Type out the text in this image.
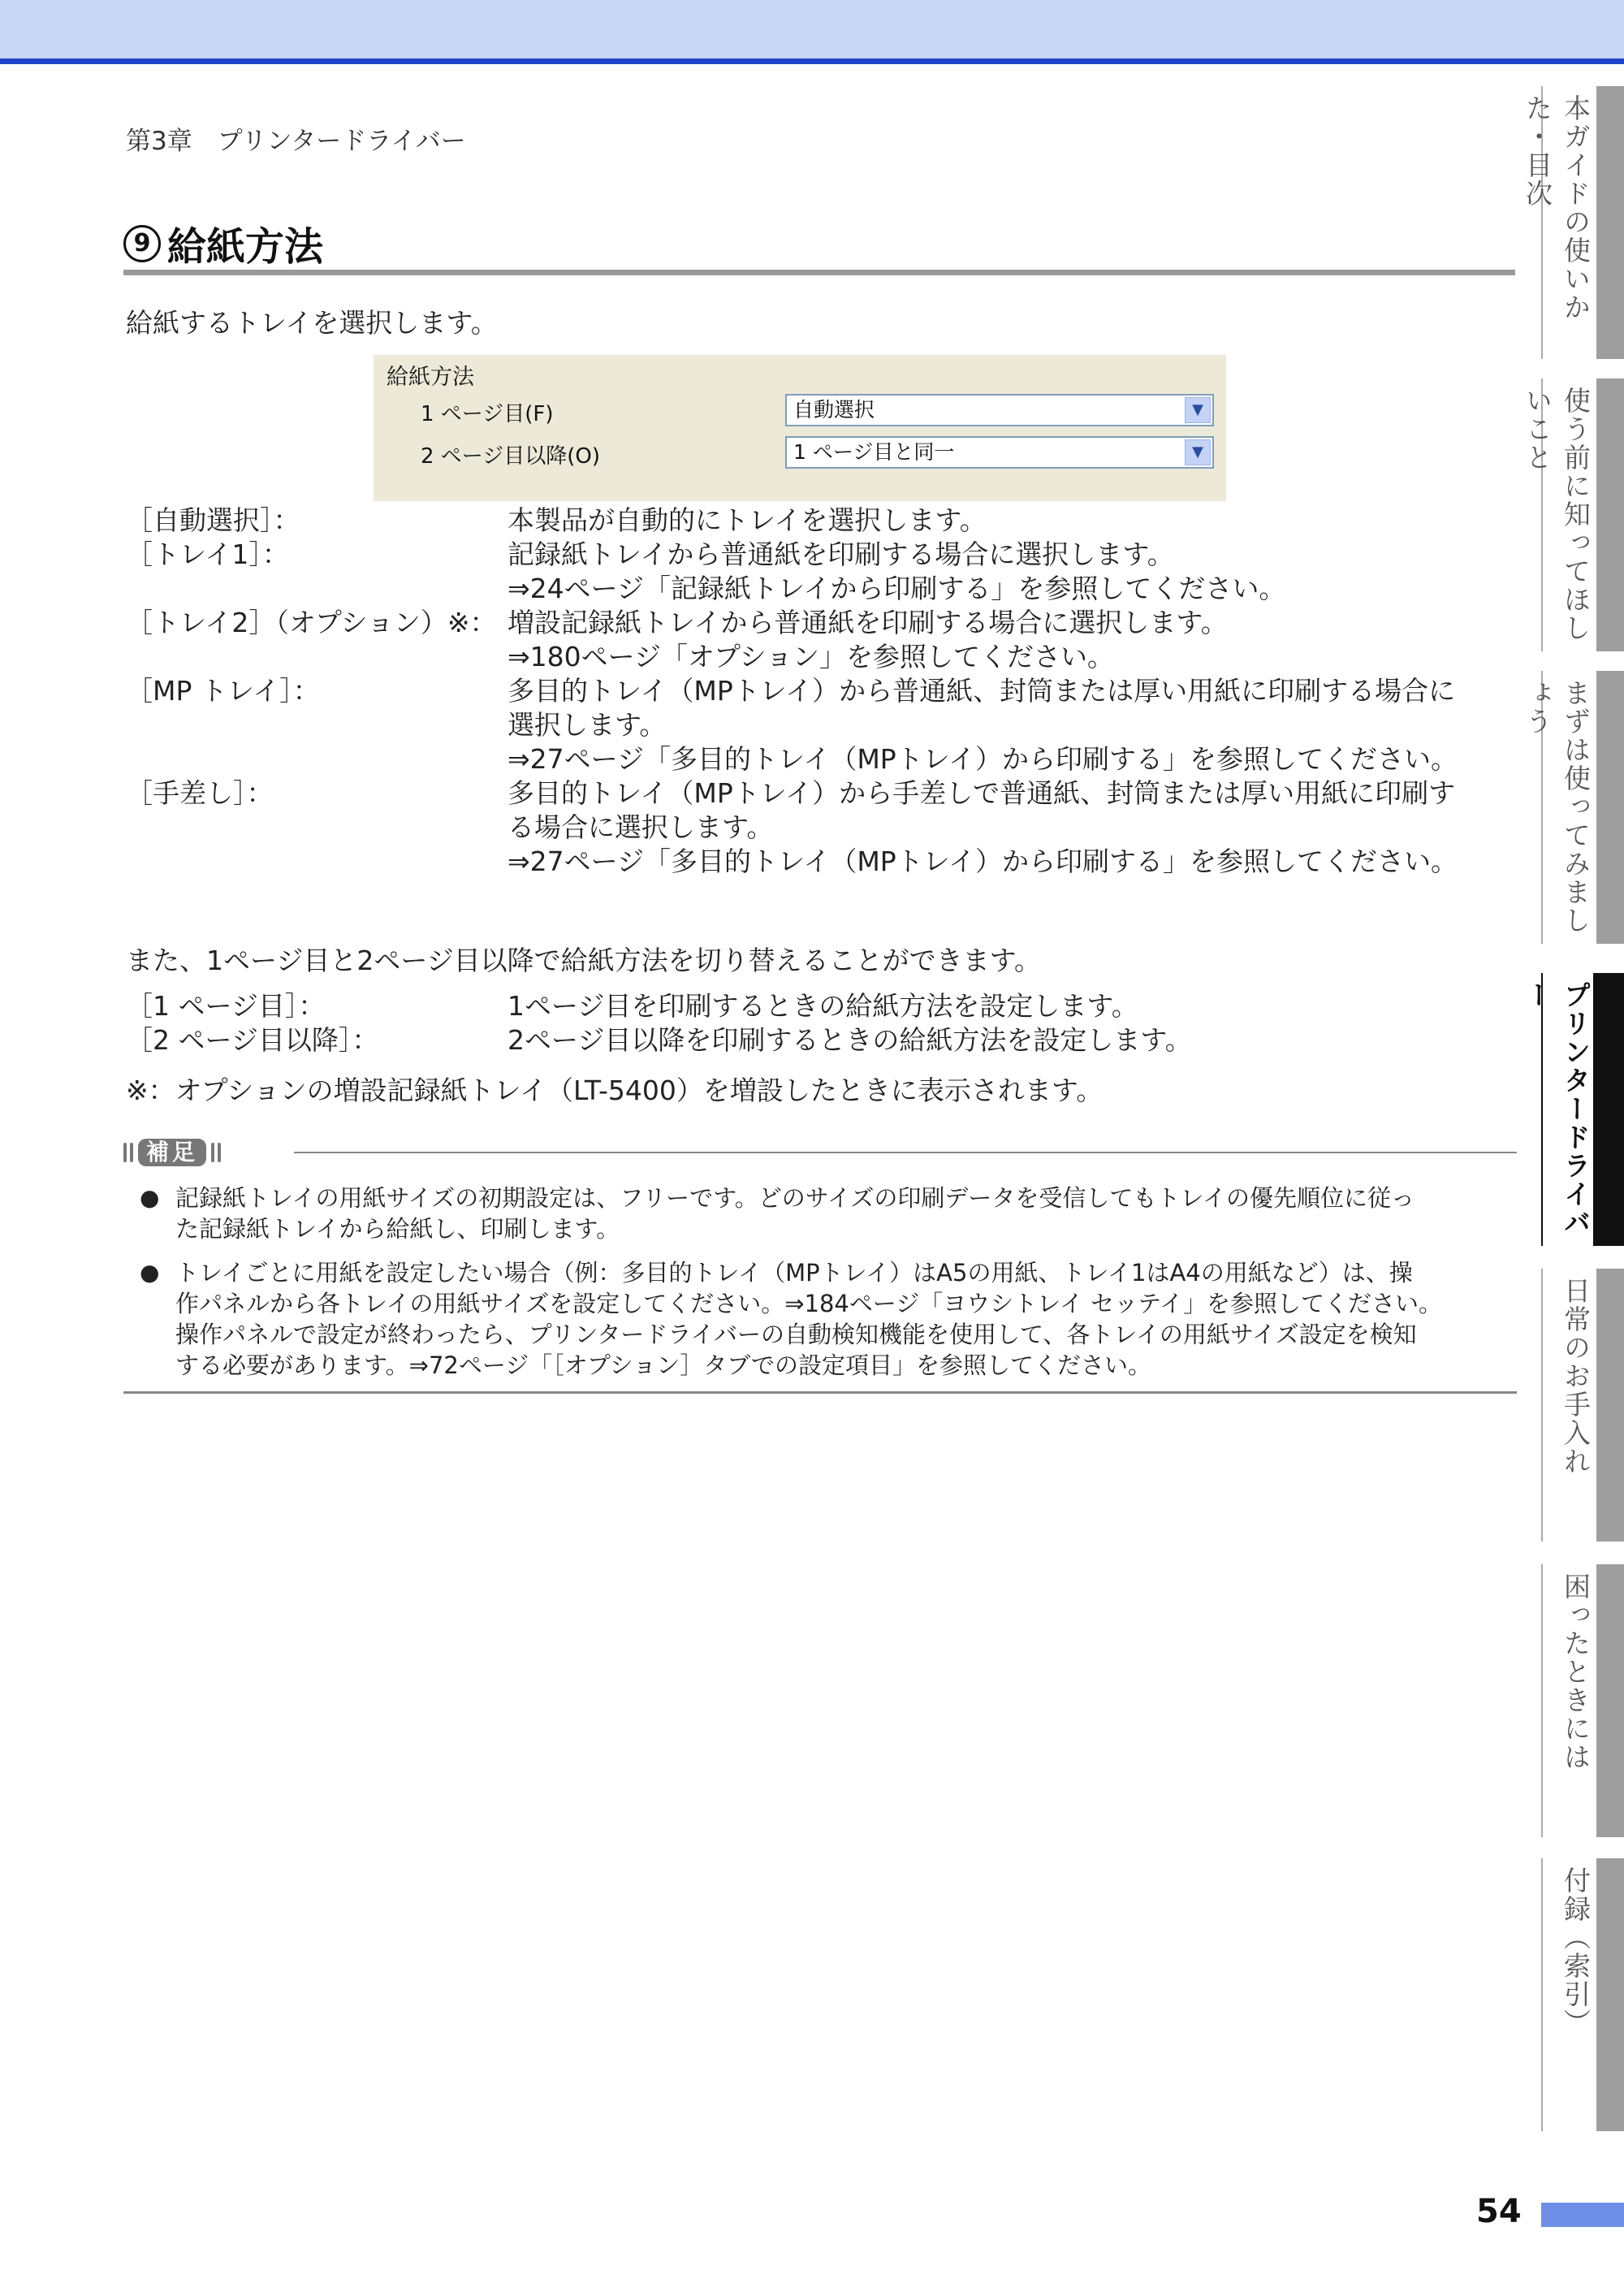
第3章　プリンタードライバー
9 給紙方法
給紙するトレイを選択します。
給紙方法
1 ページ目(F)	自動選択	▼
2 ページ目以降(O)	1 ページ目と同一	▼
［自動選択］：	本製品が自動的にトレイを選択します。
［トレイ1］：	記録紙トレイから普通紙を印刷する場合に選択します。
⇒24ページ「記録紙トレイから印刷する」を参照してください。
［トレイ2］（オプション）※： 増設記録紙トレイから普通紙を印刷する場合に選択します。
⇒180ページ「オプション」を参照してください。
［MP トレイ］：	多目的トレイ（MPトレイ）から普通紙、封筒または厚い用紙に印刷する場合に
選択します。
⇒27ページ「多目的トレイ（MPトレイ）から印刷する」を参照してください。
［手差し］：	多目的トレイ（MPトレイ）から手差しで普通紙、封筒または厚い用紙に印刷す
る場合に選択します。
⇒27ページ「多目的トレイ（MPトレイ）から印刷する」を参照してください。
また、1ページ目と2ページ目以降で給紙方法を切り替えることができます。
［1 ページ目］：	1ページ目を印刷するときの給紙方法を設定します。
［2 ページ目以降］：	2ページ目以降を印刷するときの給紙方法を設定します。
※：オプションの増設記録紙トレイ（LT-5400）を増設したときに表示されます。
補足
● 記録紙トレイの用紙サイズの初期設定は、フリーです。どのサイズの印刷データを受信してもトレイの優先順位に従っ
た記録紙トレイから給紙し、印刷します。
● トレイごとに用紙を設定したい場合（例：多目的トレイ（MPトレイ）はA5の用紙、トレイ1はA4の用紙など）は、操
作パネルから各トレイの用紙サイズを設定してください。⇒184ページ「ヨウシトレイ セッテイ」を参照してください。
操作パネルで設定が終わったら、プリンタードライバーの自動検知機能を使用して、各トレイの用紙サイズ設定を検知
する必要があります。⇒72ページ「［オプション］タブでの設定項目」を参照してください。
本ガイドの使いかた・目次
使う前に知ってほしいこと
まずは使ってみましょう
プリンタードライバー
日常のお手入れ
困ったときには
付録（索引）
54
